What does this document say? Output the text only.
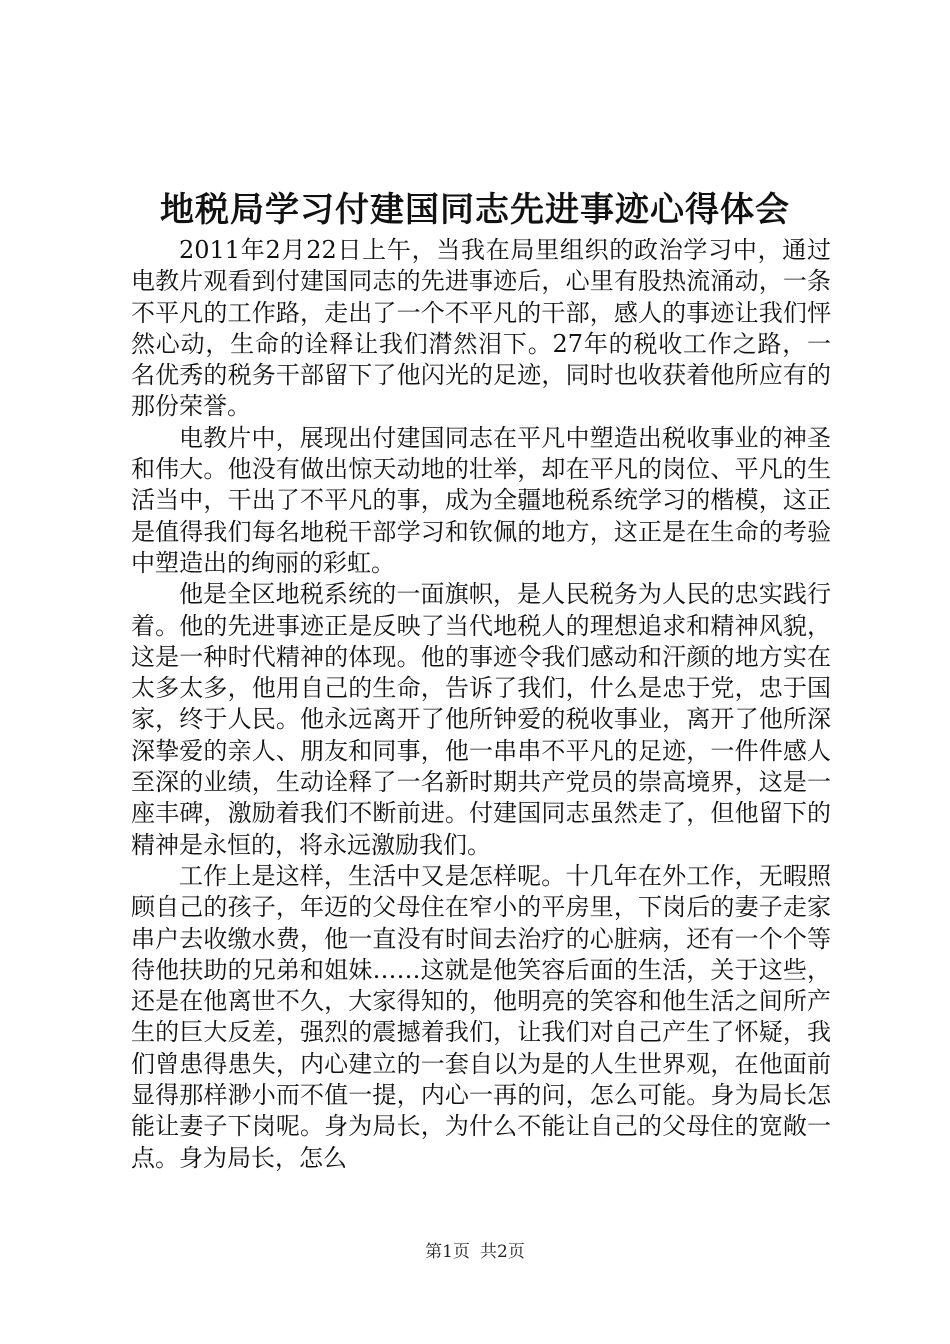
地税局学习付建国同志先进事迹心得体会

2011年2月22日上午，当我在局里组织的政治学习中，通过电教片观看到付建国同志的先进事迹后，心里有股热流涌动，一条不平凡的工作路，走出了一个不平凡的干部，感人的事迹让我们怦然心动，生命的诠释让我们潸然泪下。27年的税收工作之路，一名优秀的税务干部留下了他闪光的足迹，同时也收获着他所应有的那份荣誉。

电教片中，展现出付建国同志在平凡中塑造出税收事业的神圣和伟大。他没有做出惊天动地的壮举，却在平凡的岗位、平凡的生活当中，干出了不平凡的事，成为全疆地税系统学习的楷模，这正是值得我们每名地税干部学习和钦佩的地方，这正是在生命的考验中塑造出的绚丽的彩虹。

他是全区地税系统的一面旗帜，是人民税务为人民的忠实践行着。他的先进事迹正是反映了当代地税人的理想追求和精神风貌，这是一种时代精神的体现。他的事迹令我们感动和汗颜的地方实在太多太多，他用自己的生命，告诉了我们，什么是忠于党，忠于国家，终于人民。他永远离开了他所钟爱的税收事业，离开了他所深深挚爱的亲人、朋友和同事，他一串串不平凡的足迹，一件件感人至深的业绩，生动诠释了一名新时期共产党员的崇高境界，这是一座丰碑，激励着我们不断前进。付建国同志虽然走了，但他留下的精神是永恒的，将永远激励我们。

工作上是这样，生活中又是怎样呢。十几年在外工作，无暇照顾自己的孩子，年迈的父母住在窄小的平房里，下岗后的妻子走家串户去收缴水费，他一直没有时间去治疗的心脏病，还有一个个等待他扶助的兄弟和姐妹……这就是他笑容后面的生活，关于这些，还是在他离世不久，大家得知的，他明亮的笑容和他生活之间所产生的巨大反差，强烈的震撼着我们，让我们对自己产生了怀疑，我们曾患得患失，内心建立的一套自以为是的人生世界观，在他面前显得那样渺小而不值一提，内心一再的问，怎么可能。身为局长怎能让妻子下岗呢。身为局长，为什么不能让自己的父母住的宽敞一点。身为局长，怎么

第1页 共2页
